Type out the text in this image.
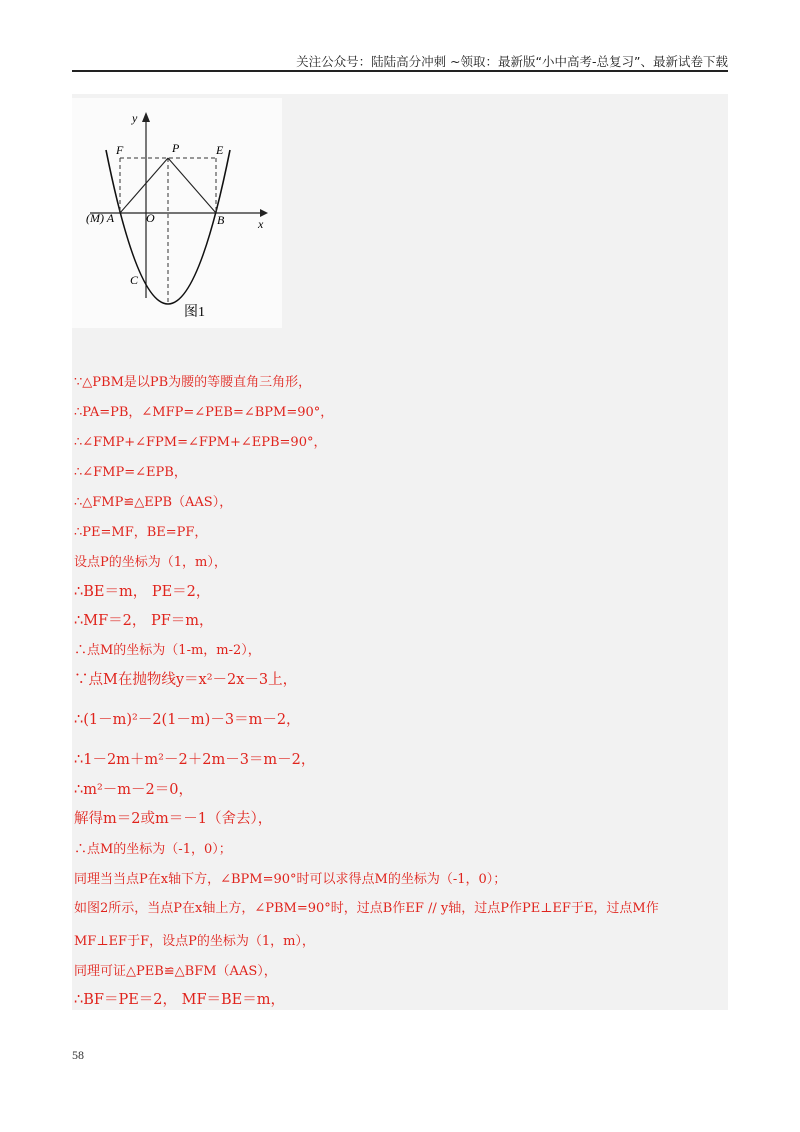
关注公众号：陆陆高分冲刺 ~领取：最新版“小中高考-总复习”、最新试卷下载
y
x
F	P	E
(M) A	O	B
C
图1
∵△PBM是以PB为腰的等腰直角三角形，
∴PA=PB，∠MFP=∠PEB=∠BPM=90°，
∴∠FMP+∠FPM=∠FPM+∠EPB=90°，
∴∠FMP=∠EPB，
∴△FMP≌△EPB（AAS），
∴PE=MF，BE=PF，
设点P的坐标为（1，m），
∴BE＝m， PE＝2，
∴MF＝2， PF＝m，
∴点M的坐标为（1-m，m-2），
∵点M在抛物线y＝x²－2x－3上，
∴(1－m)²－2(1－m)－3＝m－2，
∴1－2m＋m²－2＋2m－3＝m－2，
∴m²－m－2＝0，
解得m＝2或m＝－1（舍去），
∴点M的坐标为（-1，0）；
同理当当点P在x轴下方，∠BPM=90°时可以求得点M的坐标为（-1，0）；
如图2所示，当点P在x轴上方，∠PBM=90°时，过点B作EF // y轴，过点P作PE⊥EF于E，过点M作
MF⊥EF于F，设点P的坐标为（1，m），
同理可证△PEB≌△BFM（AAS），
∴BF＝PE＝2， MF＝BE＝m，
58
